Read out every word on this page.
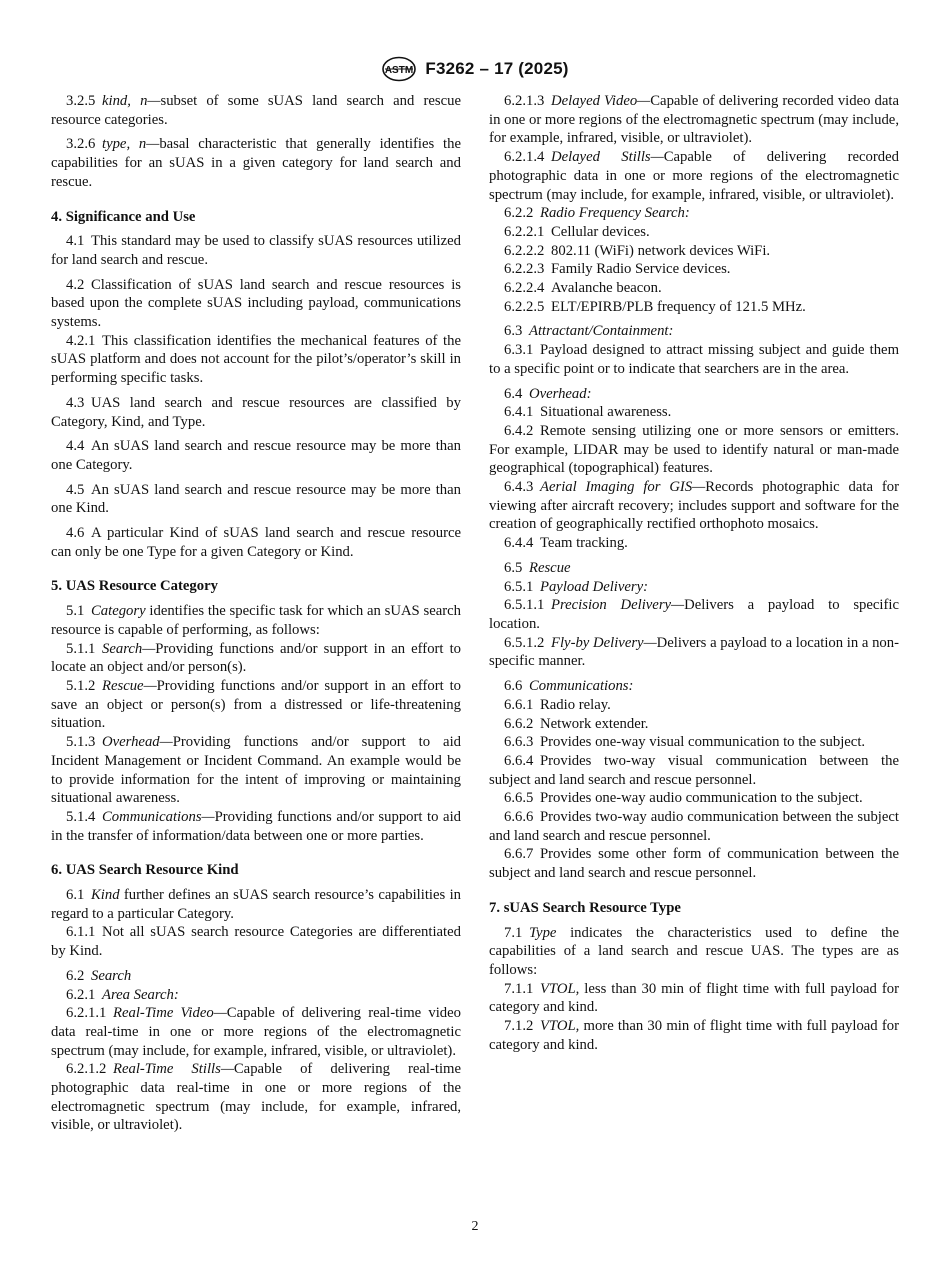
ASTM F3262 – 17 (2025)

3.2.5 kind, n—subset of some sUAS land search and rescue resource categories.

3.2.6 type, n—basal characteristic that generally identifies the capabilities for an sUAS in a given category for land search and rescue.

4. Significance and Use

4.1 This standard may be used to classify sUAS resources utilized for land search and rescue.

4.2 Classification of sUAS land search and rescue resources is based upon the complete sUAS including payload, communications systems.

4.2.1 This classification identifies the mechanical features of the sUAS platform and does not account for the pilot’s/operator’s skill in performing specific tasks.

4.3 UAS land search and rescue resources are classified by Category, Kind, and Type.

4.4 An sUAS land search and rescue resource may be more than one Category.

4.5 An sUAS land search and rescue resource may be more than one Kind.

4.6 A particular Kind of sUAS land search and rescue resource can only be one Type for a given Category or Kind.

5. UAS Resource Category

5.1 Category identifies the specific task for which an sUAS search resource is capable of performing, as follows:

5.1.1 Search—Providing functions and/or support in an effort to locate an object and/or person(s).

5.1.2 Rescue—Providing functions and/or support in an effort to save an object or person(s) from a distressed or life-threatening situation.

5.1.3 Overhead—Providing functions and/or support to aid Incident Management or Incident Command. An example would be to provide information for the intent of improving or maintaining situational awareness.

5.1.4 Communications—Providing functions and/or support to aid in the transfer of information/data between one or more parties.

6. UAS Search Resource Kind

6.1 Kind further defines an sUAS search resource’s capabilities in regard to a particular Category.

6.1.1 Not all sUAS search resource Categories are differentiated by Kind.

6.2 Search

6.2.1 Area Search:

6.2.1.1 Real-Time Video—Capable of delivering real-time video data real-time in one or more regions of the electromagnetic spectrum (may include, for example, infrared, visible, or ultraviolet).

6.2.1.2 Real-Time Stills—Capable of delivering real-time photographic data real-time in one or more regions of the electromagnetic spectrum (may include, for example, infrared, visible, or ultraviolet).

6.2.1.3 Delayed Video—Capable of delivering recorded video data in one or more regions of the electromagnetic spectrum (may include, for example, infrared, visible, or ultraviolet).

6.2.1.4 Delayed Stills—Capable of delivering recorded photographic data in one or more regions of the electromagnetic spectrum (may include, for example, infrared, visible, or ultraviolet).

6.2.2 Radio Frequency Search:

6.2.2.1 Cellular devices.

6.2.2.2 802.11 (WiFi) network devices WiFi.

6.2.2.3 Family Radio Service devices.

6.2.2.4 Avalanche beacon.

6.2.2.5 ELT/EPIRB/PLB frequency of 121.5 MHz.

6.3 Attractant/Containment:

6.3.1 Payload designed to attract missing subject and guide them to a specific point or to indicate that searchers are in the area.

6.4 Overhead:

6.4.1 Situational awareness.

6.4.2 Remote sensing utilizing one or more sensors or emitters. For example, LIDAR may be used to identify natural or man-made geographical (topographical) features.

6.4.3 Aerial Imaging for GIS—Records photographic data for viewing after aircraft recovery; includes support and software for the creation of geographically rectified orthophoto mosaics.

6.4.4 Team tracking.

6.5 Rescue

6.5.1 Payload Delivery:

6.5.1.1 Precision Delivery—Delivers a payload to specific location.

6.5.1.2 Fly-by Delivery—Delivers a payload to a location in a non-specific manner.

6.6 Communications:

6.6.1 Radio relay.

6.6.2 Network extender.

6.6.3 Provides one-way visual communication to the subject.

6.6.4 Provides two-way visual communication between the subject and land search and rescue personnel.

6.6.5 Provides one-way audio communication to the subject.

6.6.6 Provides two-way audio communication between the subject and land search and rescue personnel.

6.6.7 Provides some other form of communication between the subject and land search and rescue personnel.

7. sUAS Search Resource Type

7.1 Type indicates the characteristics used to define the capabilities of a land search and rescue UAS. The types are as follows:

7.1.1 VTOL, less than 30 min of flight time with full payload for category and kind.

7.1.2 VTOL, more than 30 min of flight time with full payload for category and kind.

2
